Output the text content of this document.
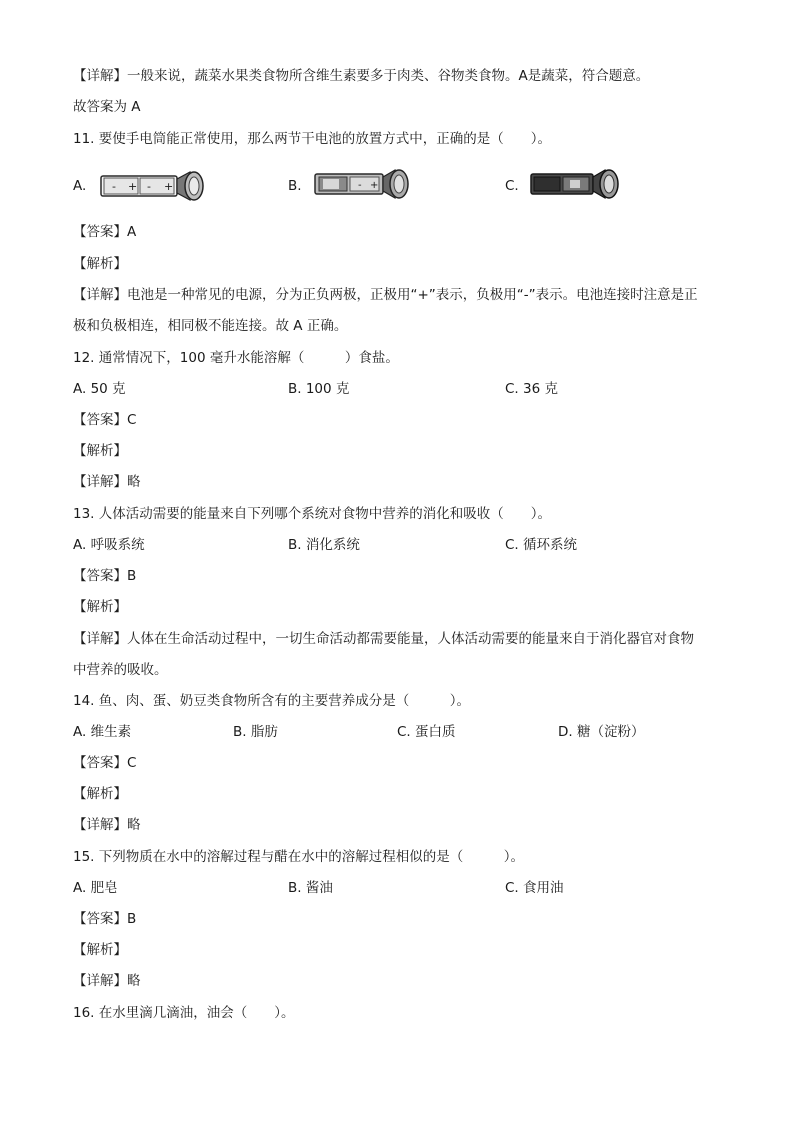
【详解】一般来说，蔬菜水果类食物所含维生素要多于肉类、谷物类食物。A是蔬菜，符合题意。
故答案为 A
11. 要使手电筒能正常使用，那么两节干电池的放置方式中，正确的是（　　）。
A. - + - +	B.	- +	C.
【答案】A
【解析】
【详解】电池是一种常见的电源，分为正负两极，正极用“+”表示，负极用“-”表示。电池连接时注意是正
极和负极相连，相同极不能连接。故 A 正确。
12. 通常情况下，100 毫升水能溶解（　　　）食盐。
A. 50 克	B. 100 克	C. 36 克
【答案】C
【解析】
【详解】略
13. 人体活动需要的能量来自下列哪个系统对食物中营养的消化和吸收（　　）。
A. 呼吸系统	B. 消化系统	C. 循环系统
【答案】B
【解析】
【详解】人体在生命活动过程中，一切生命活动都需要能量，人体活动需要的能量来自于消化器官对食物
中营养的吸收。
14. 鱼、肉、蛋、奶豆类食物所含有的主要营养成分是（　　　）。
A. 维生素	B. 脂肪	C. 蛋白质	D. 糖（淀粉）
【答案】C
【解析】
【详解】略
15. 下列物质在水中的溶解过程与醋在水中的溶解过程相似的是（　　　）。
A. 肥皂	B. 酱油	C. 食用油
【答案】B
【解析】
【详解】略
16. 在水里滴几滴油，油会（　　）。
